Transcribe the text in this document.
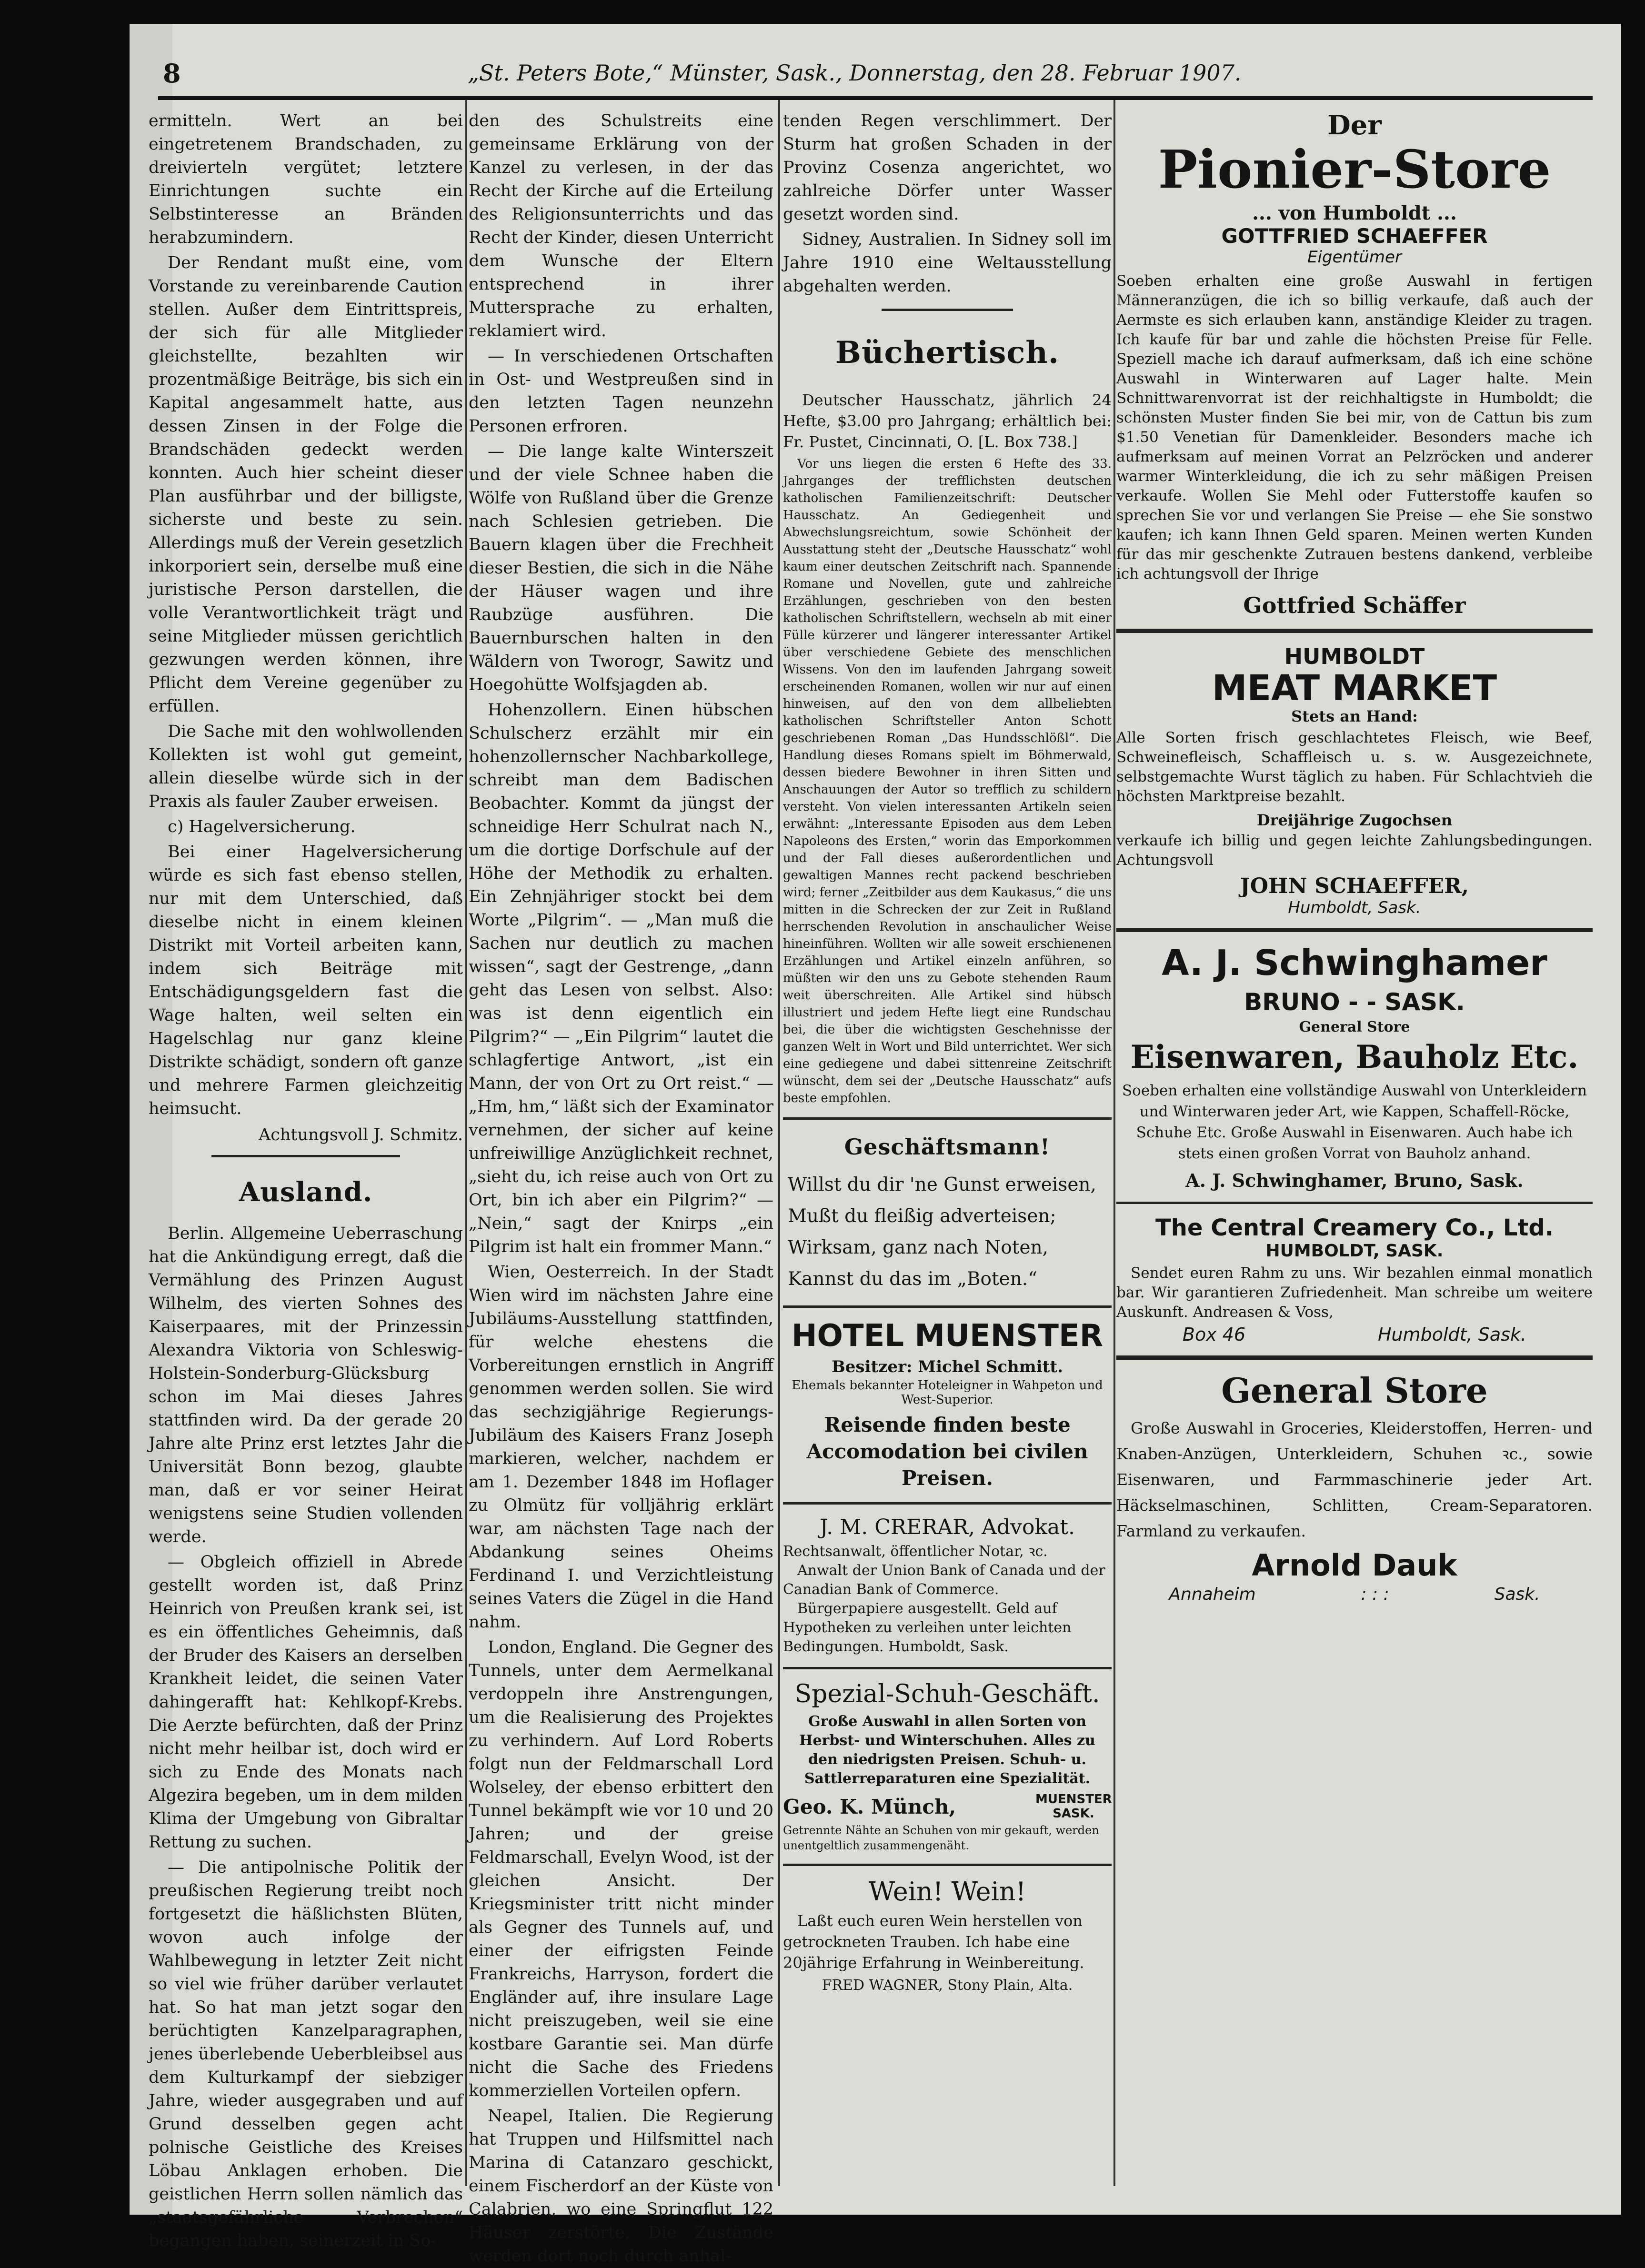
8	„St. Peters Bote,“ Münster, Sask., Donnerstag, den 28. Februar 1907.

ermitteln. Wert an bei eingetretenem Brandschaden, zu dreivierteln vergütet; letztere Einrichtungen suchte ein Selbstinteresse an Bränden herabzumindern.

Der Rendant mußt eine, vom Vorstande zu vereinbarende Caution stellen. Außer dem Eintrittspreis, der sich für alle Mitglieder gleichstellte, bezahlten wir prozentmäßige Beiträge, bis sich ein Kapital angesammelt hatte, aus dessen Zinsen in der Folge die Brandschäden gedeckt werden konnten. Auch hier scheint dieser Plan ausführbar und der billigste, sicherste und beste zu sein. Allerdings muß der Verein gesetzlich inkorporiert sein, derselbe muß eine juristische Person darstellen, die volle Verantwortlichkeit trägt und seine Mitglieder müssen gerichtlich gezwungen werden können, ihre Pflicht dem Vereine gegenüber zu erfüllen.

Die Sache mit den wohlwollenden Kollekten ist wohl gut gemeint, allein dieselbe würde sich in der Praxis als fauler Zauber erweisen.

c) Hagelversicherung.

Bei einer Hagelversicherung würde es sich fast ebenso stellen, nur mit dem Unterschied, daß dieselbe nicht in einem kleinen Distrikt mit Vorteil arbeiten kann, indem sich Beiträge mit Entschädigungsgeldern fast die Wage halten, weil selten ein Hagelschlag nur ganz kleine Distrikte schädigt, sondern oft ganze und mehrere Farmen gleichzeitig heimsucht.

Achtungsvoll J. Schmitz.
Ausland.

Berlin. Allgemeine Ueberraschung hat die Ankündigung erregt, daß die Vermählung des Prinzen August Wilhelm, des vierten Sohnes des Kaiserpaares, mit der Prinzessin Alexandra Viktoria von Schleswig-Holstein-Sonderburg-Glücksburg schon im Mai dieses Jahres stattfinden wird. Da der gerade 20 Jahre alte Prinz erst letztes Jahr die Universität Bonn bezog, glaubte man, daß er vor seiner Heirat wenigstens seine Studien vollenden werde.

— Obgleich offiziell in Abrede gestellt worden ist, daß Prinz Heinrich von Preußen krank sei, ist es ein öffentliches Geheimnis, daß der Bruder des Kaisers an derselben Krankheit leidet, die seinen Vater dahingerafft hat: Kehlkopf-Krebs. Die Aerzte befürchten, daß der Prinz nicht mehr heilbar ist, doch wird er sich zu Ende des Monats nach Algezira begeben, um in dem milden Klima der Umgebung von Gibraltar Rettung zu suchen.

— Die antipolnische Politik der preußischen Regierung treibt noch fortgesetzt die häßlichsten Blüten, wovon auch infolge der Wahlbewegung in letzter Zeit nicht so viel wie früher darüber verlautet hat. So hat man jetzt sogar den berüchtigten Kanzelparagraphen, jenes überlebende Ueberbleibsel aus dem Kulturkampf der siebziger Jahre, wieder ausgegraben und auf Grund desselben gegen acht polnische Geistliche des Kreises Löbau Anklagen erhoben. Die geistlichen Herrn sollen nämlich das „staatsgefährliche Verbrechen“ begangen haben, seinerzeit in So-

den des Schulstreits eine gemeinsame Erklärung von der Kanzel zu verlesen, in der das Recht der Kirche auf die Erteilung des Religionsunterrichts und das Recht der Kinder, diesen Unterricht dem Wunsche der Eltern entsprechend in ihrer Muttersprache zu erhalten, reklamiert wird.

— In verschiedenen Ortschaften in Ost- und Westpreußen sind in den letzten Tagen neunzehn Personen erfroren.

— Die lange kalte Winterszeit und der viele Schnee haben die Wölfe von Rußland über die Grenze nach Schlesien getrieben. Die Bauern klagen über die Frechheit dieser Bestien, die sich in die Nähe der Häuser wagen und ihre Raubzüge ausführen. Die Bauernburschen halten in den Wäldern von Tworogr, Sawitz und Hoegohütte Wolfsjagden ab.

Hohenzollern. Einen hübschen Schulscherz erzählt mir ein hohenzollernscher Nachbarkollege, schreibt man dem Badischen Beobachter. Kommt da jüngst der schneidige Herr Schulrat nach N., um die dortige Dorfschule auf der Höhe der Methodik zu erhalten. Ein Zehnjähriger stockt bei dem Worte „Pilgrim“. — „Man muß die Sachen nur deutlich zu machen wissen“, sagt der Gestrenge, „dann geht das Lesen von selbst. Also: was ist denn eigentlich ein Pilgrim?“ — „Ein Pilgrim“ lautet die schlagfertige Antwort, „ist ein Mann, der von Ort zu Ort reist.“ — „Hm, hm,“ läßt sich der Examinator vernehmen, der sicher auf keine unfreiwillige Anzüglichkeit rechnet, „sieht du, ich reise auch von Ort zu Ort, bin ich aber ein Pilgrim?“ — „Nein,“ sagt der Knirps „ein Pilgrim ist halt ein frommer Mann.“

Wien, Oesterreich. In der Stadt Wien wird im nächsten Jahre eine Jubiläums-Ausstellung stattfinden, für welche ehestens die Vorbereitungen ernstlich in Angriff genommen werden sollen. Sie wird das sechzigjährige Regierungs-Jubiläum des Kaisers Franz Joseph markieren, welcher, nachdem er am 1. Dezember 1848 im Hoflager zu Olmütz für volljährig erklärt war, am nächsten Tage nach der Abdankung seines Oheims Ferdinand I. und Verzichtleistung seines Vaters die Zügel in die Hand nahm.

London, England. Die Gegner des Tunnels, unter dem Aermelkanal verdoppeln ihre Anstrengungen, um die Realisierung des Projektes zu verhindern. Auf Lord Roberts folgt nun der Feldmarschall Lord Wolseley, der ebenso erbittert den Tunnel bekämpft wie vor 10 und 20 Jahren; und der greise Feldmarschall, Evelyn Wood, ist der gleichen Ansicht. Der Kriegsminister tritt nicht minder als Gegner des Tunnels auf, und einer der eifrigsten Feinde Frankreichs, Harryson, fordert die Engländer auf, ihre insulare Lage nicht preiszugeben, weil sie eine kostbare Garantie sei. Man dürfe nicht die Sache des Friedens kommerziellen Vorteilen opfern.

Neapel, Italien. Die Regierung hat Truppen und Hilfsmittel nach Marina di Catanzaro geschickt, einem Fischerdorf an der Küste von Calabrien, wo eine Springflut 122 Häuser zerstörte. Die Zustände werden dort noch durch anhal-

tenden Regen verschlimmert. Der Sturm hat großen Schaden in der Provinz Cosenza angerichtet, wo zahlreiche Dörfer unter Wasser gesetzt worden sind.

Sidney, Australien. In Sidney soll im Jahre 1910 eine Weltausstellung abgehalten werden.

Büchertisch.

Deutscher Hausschatz, jährlich 24 Hefte, $3.00 pro Jahrgang; erhältlich bei: Fr. Pustet, Cincinnati, O. [L. Box 738.]

Vor uns liegen die ersten 6 Hefte des 33. Jahrganges der trefflichsten deutschen katholischen Familienzeitschrift: Deutscher Hausschatz. An Gediegenheit und Abwechslungsreichtum, sowie Schönheit der Ausstattung steht der „Deutsche Hausschatz“ wohl kaum einer deutschen Zeitschrift nach. Spannende Romane und Novellen, gute und zahlreiche Erzählungen, geschrieben von den besten katholischen Schriftstellern, wechseln ab mit einer Fülle kürzerer und längerer interessanter Artikel über verschiedene Gebiete des menschlichen Wissens. Von den im laufenden Jahrgang soweit erscheinenden Romanen, wollen wir nur auf einen hinweisen, auf den von dem allbeliebten katholischen Schriftsteller Anton Schott geschriebenen Roman „Das Hundsschlößl“. Die Handlung dieses Romans spielt im Böhmerwald, dessen biedere Bewohner in ihren Sitten und Anschauungen der Autor so trefflich zu schildern versteht. Von vielen interessanten Artikeln seien erwähnt: „Interessante Episoden aus dem Leben Napoleons des Ersten,“ worin das Emporkommen und der Fall dieses außerordentlichen und gewaltigen Mannes recht packend beschrieben wird; ferner „Zeitbilder aus dem Kaukasus,“ die uns mitten in die Schrecken der zur Zeit in Rußland herrschenden Revolution in anschaulicher Weise hineinführen. Wollten wir alle soweit erschienenen Erzählungen und Artikel einzeln anführen, so müßten wir den uns zu Gebote stehenden Raum weit überschreiten. Alle Artikel sind hübsch illustriert und jedem Hefte liegt eine Rundschau bei, die über die wichtigsten Geschehnisse der ganzen Welt in Wort und Bild unterrichtet. Wer sich eine gediegene und dabei sittenreine Zeitschrift wünscht, dem sei der „Deutsche Hausschatz“ aufs beste empfohlen.

Geschäftsmann!
Willst du dir 'ne Gunst erweisen,
Mußt du fleißig adverteisen;
Wirksam, ganz nach Noten,
Kannst du das im „Boten.“
HOTEL MUENSTER
Besitzer: Michel Schmitt.
Ehemals bekannter Hoteleigner in Wahpeton und West-Superior.
Reisende finden beste Accomodation bei civilen Preisen.
J. M. CRERAR, Advokat.
Rechtsanwalt, öffentlicher Notar, ꝛc.
Anwalt der Union Bank of Canada und der Canadian Bank of Commerce.
Bürgerpapiere ausgestellt. Geld auf Hypotheken zu verleihen unter leichten Bedingungen. Humboldt, Sask.
Spezial-Schuh-Geschäft.
Große Auswahl in allen Sorten von Herbst- und Winterschuhen. Alles zu den niedrigsten Preisen. Schuh- u. Sattlerreparaturen eine Spezialität.
Geo. K. Münch,	MUENSTER SASK.
Getrennte Nähte an Schuhen von mir gekauft, werden unentgeltlich zusammengenäht.
Wein! Wein!
Laßt euch euren Wein herstellen von getrockneten Trauben. Ich habe eine 20jährige Erfahrung in Weinbereitung.
FRED WAGNER, Stony Plain, Alta.
Der
Pionier-Store
... von Humboldt ...
GOTTFRIED SCHAEFFER
Eigentümer

Soeben erhalten eine große Auswahl in fertigen Männeranzügen, die ich so billig verkaufe, daß auch der Aermste es sich erlauben kann, anständige Kleider zu tragen. Ich kaufe für bar und zahle die höchsten Preise für Felle. Speziell mache ich darauf aufmerksam, daß ich eine schöne Auswahl in Winterwaren auf Lager halte. Mein Schnittwarenvorrat ist der reichhaltigste in Humboldt; die schönsten Muster finden Sie bei mir, von de Cattun bis zum $1.50 Venetian für Damenkleider. Besonders mache ich aufmerksam auf meinen Vorrat an Pelzröcken und anderer warmer Winterkleidung, die ich zu sehr mäßigen Preisen verkaufe. Wollen Sie Mehl oder Futterstoffe kaufen so sprechen Sie vor und verlangen Sie Preise — ehe Sie sonstwo kaufen; ich kann Ihnen Geld sparen. Meinen werten Kunden für das mir geschenkte Zutrauen bestens dankend, verbleibe ich achtungsvoll der Ihrige

Gottfried Schäffer
HUMBOLDT
MEAT MARKET
Stets an Hand:

Alle Sorten frisch geschlachtetes Fleisch, wie Beef, Schweinefleisch, Schaffleisch u. s. w. Ausgezeichnete, selbstgemachte Wurst täglich zu haben. Für Schlachtvieh die höchsten Marktpreise bezahlt.

Dreijährige Zugochsen

verkaufe ich billig und gegen leichte Zahlungsbedingungen. Achtungsvoll

JOHN SCHAEFFER,
Humboldt, Sask.
A. J. Schwinghamer
BRUNO - - SASK.
General Store
Eisenwaren, Bauholz Etc.

Soeben erhalten eine vollständige Auswahl von Unterkleidern und Winterwaren jeder Art, wie Kappen, Schaffell-Röcke, Schuhe Etc. Große Auswahl in Eisenwaren. Auch habe ich stets einen großen Vorrat von Bauholz anhand.

A. J. Schwinghamer, Bruno, Sask.
The Central Creamery Co., Ltd.
HUMBOLDT, SASK.

Sendet euren Rahm zu uns. Wir bezahlen einmal monatlich bar. Wir garantieren Zufriedenheit. Man schreibe um weitere Auskunft. Andreasen & Voss,

Box 46	Humboldt, Sask.
General Store

Große Auswahl in Groceries, Kleiderstoffen, Herren- und Knaben-Anzügen, Unterkleidern, Schuhen ꝛc., sowie Eisenwaren, und Farmmaschinerie jeder Art. Häckselmaschinen, Schlitten, Cream-Separatoren. Farmland zu verkaufen.

Arnold Dauk
Annaheim	: : :	Sask.
